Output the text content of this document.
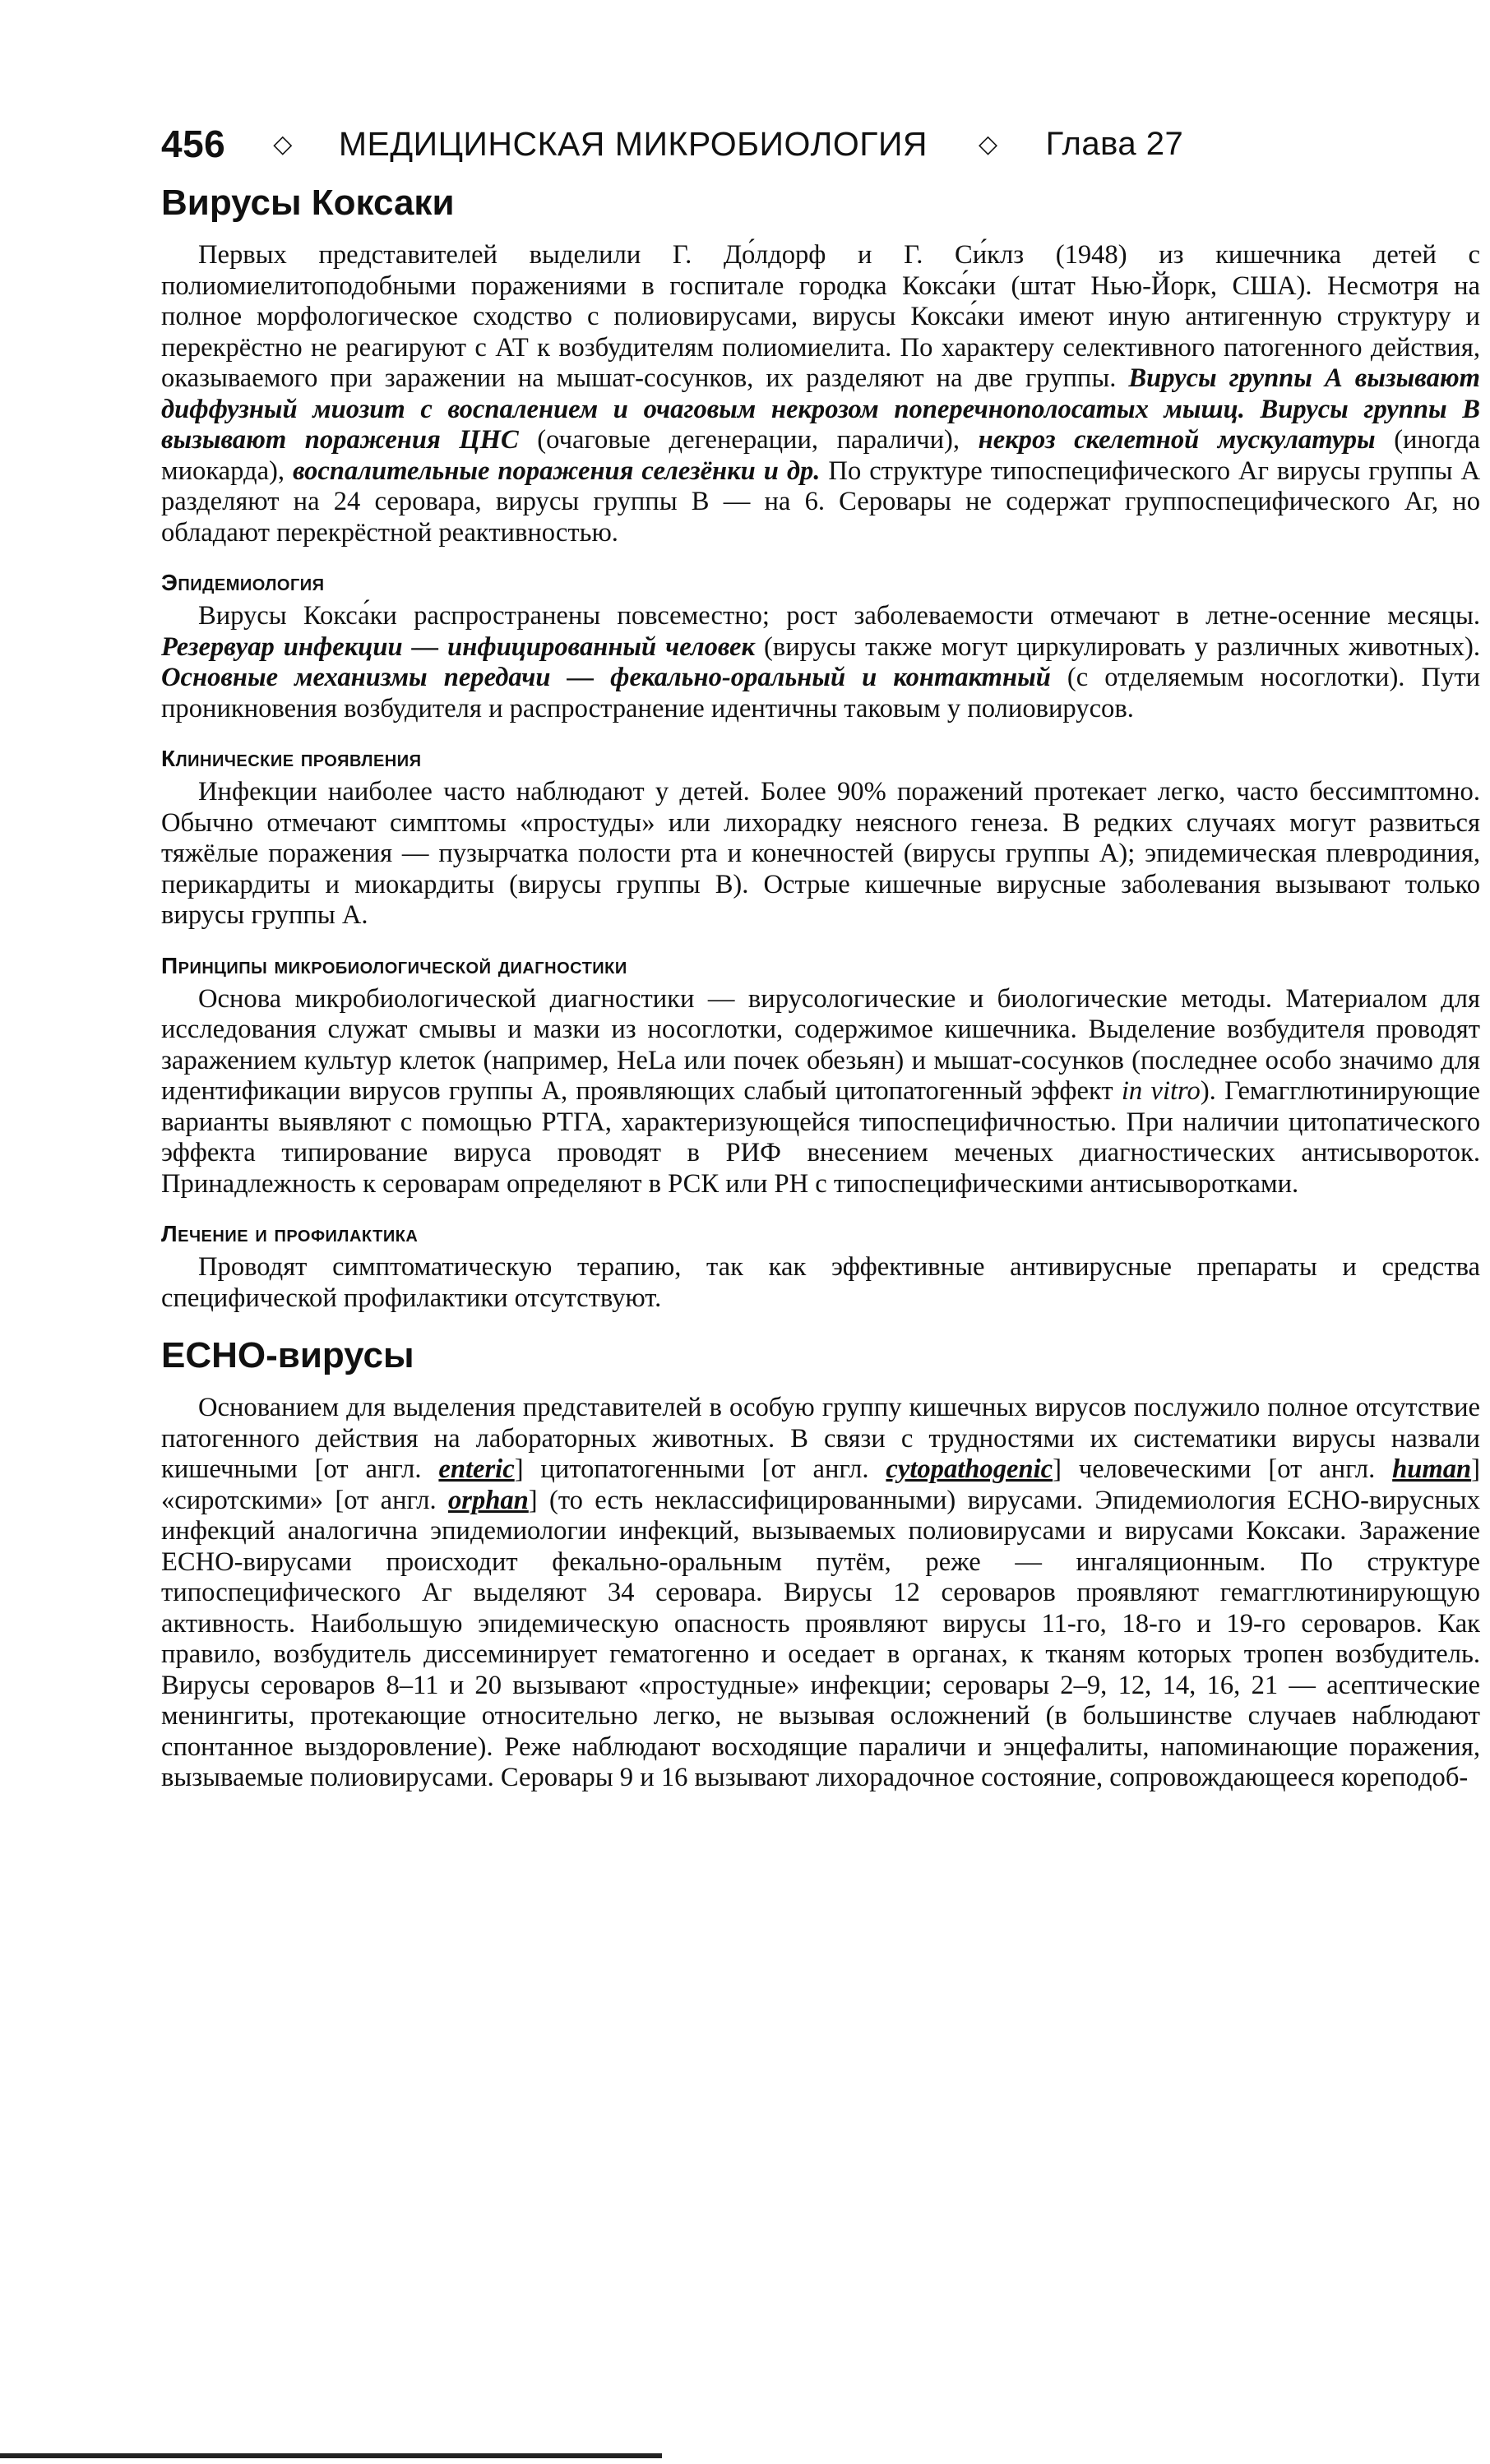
456 ◇ МЕДИЦИНСКАЯ МИКРОБИОЛОГИЯ ◇ Глава 27
Вирусы Коксаки

Первых представителей выделили Г. До́лдорф и Г. Си́клз (1948) из кишечника детей с полиомиелитоподобными поражениями в госпитале городка Кокса́ки (штат Нью-Йорк, США). Несмотря на полное морфологическое сходство с полиовирусами, вирусы Кокса́ки имеют иную антигенную структуру и перекрёстно не реагируют с АТ к возбудителям полиомиелита. По характеру селективного патогенного действия, оказываемого при заражении на мышат-сосунков, их разделяют на две группы. Вирусы группы А вызывают диффузный миозит с воспалением и очаговым некрозом поперечнополосатых мышц. Вирусы группы В вызывают поражения ЦНС (очаговые дегенерации, параличи), некроз скелетной мускулатуры (иногда миокарда), воспалительные поражения селезёнки и др. По структуре типоспецифического Аг вирусы группы А разделяют на 24 серовара, вирусы группы В — на 6. Серовары не содержат группоспецифического Аг, но обладают перекрёстной реактивностью.

Эпидемиология

Вирусы Кокса́ки распространены повсеместно; рост заболеваемости отмечают в летне-осенние месяцы. Резервуар инфекции — инфицированный человек (вирусы также могут циркулировать у различных животных). Основные механизмы передачи — фекально-оральный и контактный (с отделяемым носоглотки). Пути проникновения возбудителя и распространение идентичны таковым у полиовирусов.

Клинические проявления

Инфекции наиболее часто наблюдают у детей. Более 90% поражений протекает легко, часто бессимптомно. Обычно отмечают симптомы «простуды» или лихорадку неясного генеза. В редких случаях могут развиться тяжёлые поражения — пузырчатка полости рта и конечностей (вирусы группы А); эпидемическая плевродиния, перикардиты и миокардиты (вирусы группы В). Острые кишечные вирусные заболевания вызывают только вирусы группы А.

Принципы микробиологической диагностики

Основа микробиологической диагностики — вирусологические и биологические методы. Материалом для исследования служат смывы и мазки из носоглотки, содержимое кишечника. Выделение возбудителя проводят заражением культур клеток (например, HeLa или почек обезьян) и мышат-сосунков (последнее особо значимо для идентификации вирусов группы А, проявляющих слабый цитопатогенный эффект in vitro). Гемагглютинирующие варианты выявляют с помощью РТГА, характеризующейся типоспецифичностью. При наличии цитопатического эффекта типирование вируса проводят в РИФ внесением меченых диагностических антисывороток. Принадлежность к сероварам определяют в РСК или РН с типоспецифическими антисыворотками.

Лечение и профилактика

Проводят симптоматическую терапию, так как эффективные антивирусные препараты и средства специфической профилактики отсутствуют.

ECHO-вирусы

Основанием для выделения представителей в особую группу кишечных вирусов послужило полное отсутствие патогенного действия на лабораторных животных. В связи с трудностями их систематики вирусы назвали кишечными [от англ. enteric] цитопатогенными [от англ. cytopathogenic] человеческими [от англ. human] «сиротскими» [от англ. orphan] (то есть неклассифицированными) вирусами. Эпидемиология ECHO-вирусных инфекций аналогична эпидемиологии инфекций, вызываемых полиовирусами и вирусами Коксаки. Заражение ECHO-вирусами происходит фекально-оральным путём, реже — ингаляционным. По структуре типоспецифического Аг выделяют 34 серовара. Вирусы 12 сероваров проявляют гемагглютинирующую активность. Наибольшую эпидемическую опасность проявляют вирусы 11-го, 18-го и 19-го сероваров. Как правило, возбудитель диссеминирует гематогенно и оседает в органах, к тканям которых тропен возбудитель. Вирусы сероваров 8–11 и 20 вызывают «простудные» инфекции; серовары 2–9, 12, 14, 16, 21 — асептические менингиты, протекающие относительно легко, не вызывая осложнений (в большинстве случаев наблюдают спонтанное выздоровление). Реже наблюдают восходящие параличи и энцефалиты, напоминающие поражения, вызываемые полиовирусами. Серовары 9 и 16 вызывают лихорадочное состояние, сопровождающееся кореподоб-
